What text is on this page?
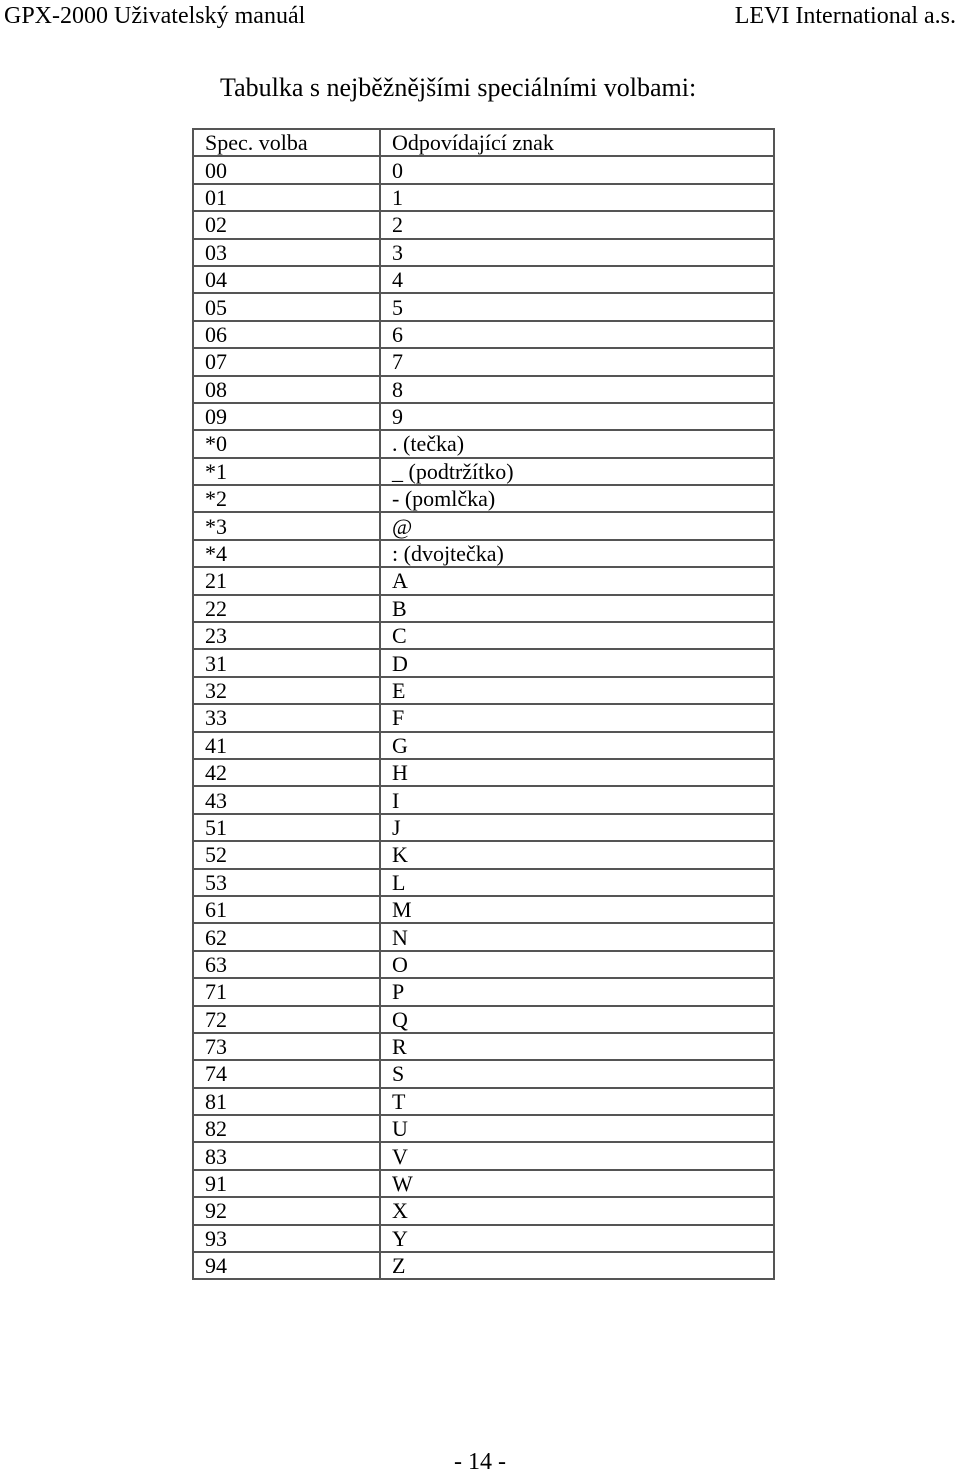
GPX-2000 Uživatelský manuál	LEVI International a.s.
Tabulka s nejběžnějšími speciálními volbami:
Spec. volba	Odpovídající znak
00	0
01	1
02	2
03	3
04	4
05	5
06	6
07	7
08	8
09	9
*0	. (tečka)
*1	_ (podtržítko)
*2	- (pomlčka)
*3	@
*4	: (dvojtečka)
21	A
22	B
23	C
31	D
32	E
33	F
41	G
42	H
43	I
51	J
52	K
53	L
61	M
62	N
63	O
71	P
72	Q
73	R
74	S
81	T
82	U
83	V
91	W
92	X
93	Y
94	Z
- 14 -
